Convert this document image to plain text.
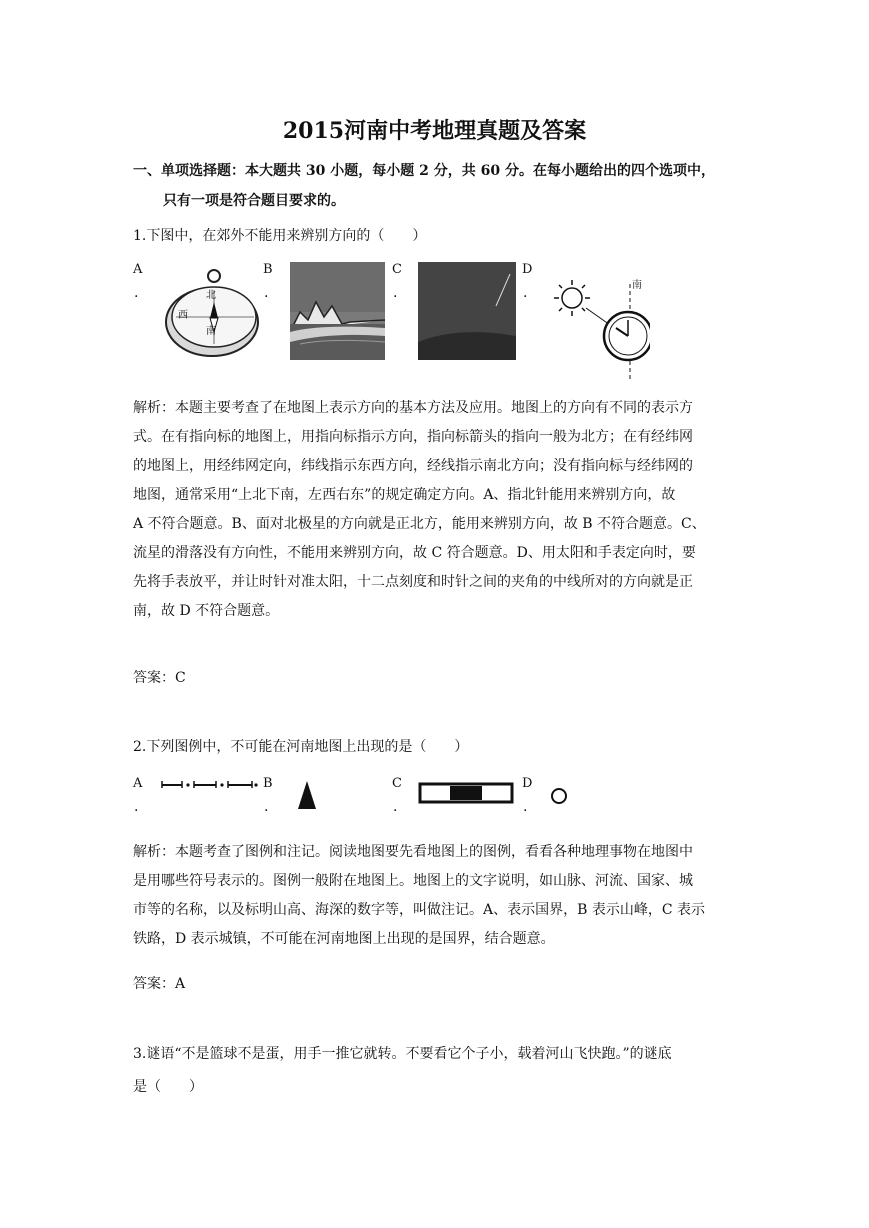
2015河南中考地理真题及答案
一、单项选择题：本大题共 30 小题，每小题 2 分，共 60 分。在每小题给出的四个选项中，
只有一项是符合题目要求的。
1.下图中，在郊外不能用来辨别方向的（　　）
A
.
B
.
C
.
D
.
北
南
西
南
解析：本题主要考查了在地图上表示方向的基本方法及应用。地图上的方向有不同的表示方
式。在有指向标的地图上，用指向标指示方向，指向标箭头的指向一般为北方；在有经纬网
的地图上，用经纬网定向，纬线指示东西方向，经线指示南北方向；没有指向标与经纬网的
地图，通常采用“上北下南，左西右东”的规定确定方向。A、指北针能用来辨别方向，故
A 不符合题意。B、面对北极星的方向就是正北方，能用来辨别方向，故 B 不符合题意。C、
流星的滑落没有方向性，不能用来辨别方向，故 C 符合题意。D、用太阳和手表定向时，要
先将手表放平，并让时针对准太阳，十二点刻度和时针之间的夹角的中线所对的方向就是正
南，故 D 不符合题意。
答案：C
2.下列图例中，不可能在河南地图上出现的是（　　）
A
.
B
.
C
.
D
.
解析：本题考查了图例和注记。阅读地图要先看地图上的图例，看看各种地理事物在地图中
是用哪些符号表示的。图例一般附在地图上。地图上的文字说明，如山脉、河流、国家、城
市等的名称，以及标明山高、海深的数字等，叫做注记。A、表示国界，B 表示山峰，C 表示
铁路，D 表示城镇，不可能在河南地图上出现的是国界，结合题意。
答案：A
3.谜语“不是篮球不是蛋，用手一推它就转。不要看它个子小，载着河山飞快跑。”的谜底
是（　　）
